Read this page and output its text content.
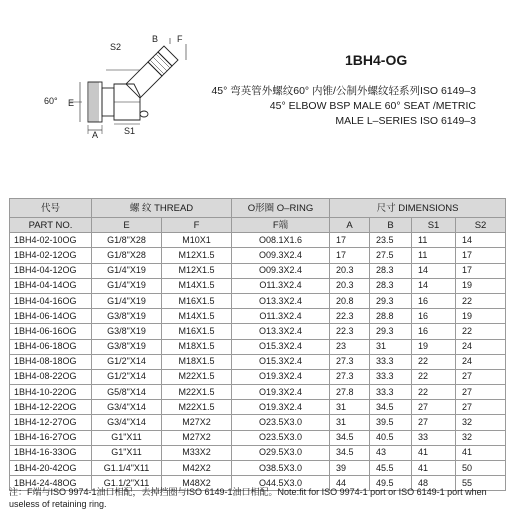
S2
F
B
60° E
A	S1
1BH4-OG
45° 弯英管外螺纹60° 内锥/公制外螺纹轻系列ISO 6149–3
45° ELBOW BSP MALE 60° SEAT /METRIC
MALE L–SERIES ISO 6149–3
代号	螺 纹 THREAD		O形圈 O–RING	尺寸 DIMENSIONS			
PART NO.	E	F	F端	A	B	S1	S2
1BH4-02-10OG	G1/8"X28	M10X1	O08.1X1.6	17	23.5	11	14
1BH4-02-12OG	G1/8"X28	M12X1.5	O09.3X2.4	17	27.5	11	17
1BH4-04-12OG	G1/4"X19	M12X1.5	O09.3X2.4	20.3	28.3	14	17
1BH4-04-14OG	G1/4"X19	M14X1.5	O11.3X2.4	20.3	28.3	14	19
1BH4-04-16OG	G1/4"X19	M16X1.5	O13.3X2.4	20.8	29.3	16	22
1BH4-06-14OG	G3/8"X19	M14X1.5	O11.3X2.4	22.3	28.8	16	19
1BH4-06-16OG	G3/8"X19	M16X1.5	O13.3X2.4	22.3	29.3	16	22
1BH4-06-18OG	G3/8"X19	M18X1.5	O15.3X2.4	23	31	19	24
1BH4-08-18OG	G1/2"X14	M18X1.5	O15.3X2.4	27.3	33.3	22	24
1BH4-08-22OG	G1/2"X14	M22X1.5	O19.3X2.4	27.3	33.3	22	27
1BH4-10-22OG	G5/8"X14	M22X1.5	O19.3X2.4	27.8	33.3	22	27
1BH4-12-22OG	G3/4"X14	M22X1.5	O19.3X2.4	31	34.5	27	27
1BH4-12-27OG	G3/4"X14	M27X2	O23.5X3.0	31	39.5	27	32
1BH4-16-27OG	G1"X11	M27X2	O23.5X3.0	34.5	40.5	33	32
1BH4-16-33OG	G1"X11	M33X2	O29.5X3.0	34.5	43	41	41
1BH4-20-42OG	G1.1/4"X11	M42X2	O38.5X3.0	39	45.5	41	50
1BH4-24-48OG	G1.1/2"X11	M48X2	O44.5X3.0	44	49.5	48	55
注：F端与ISO 9974-1油口相配，去掉挡圈与ISO 6149-1油口相配。Note:fit for ISO 9974-1 port or ISO 6149-1 port when useless of retaining ring.
